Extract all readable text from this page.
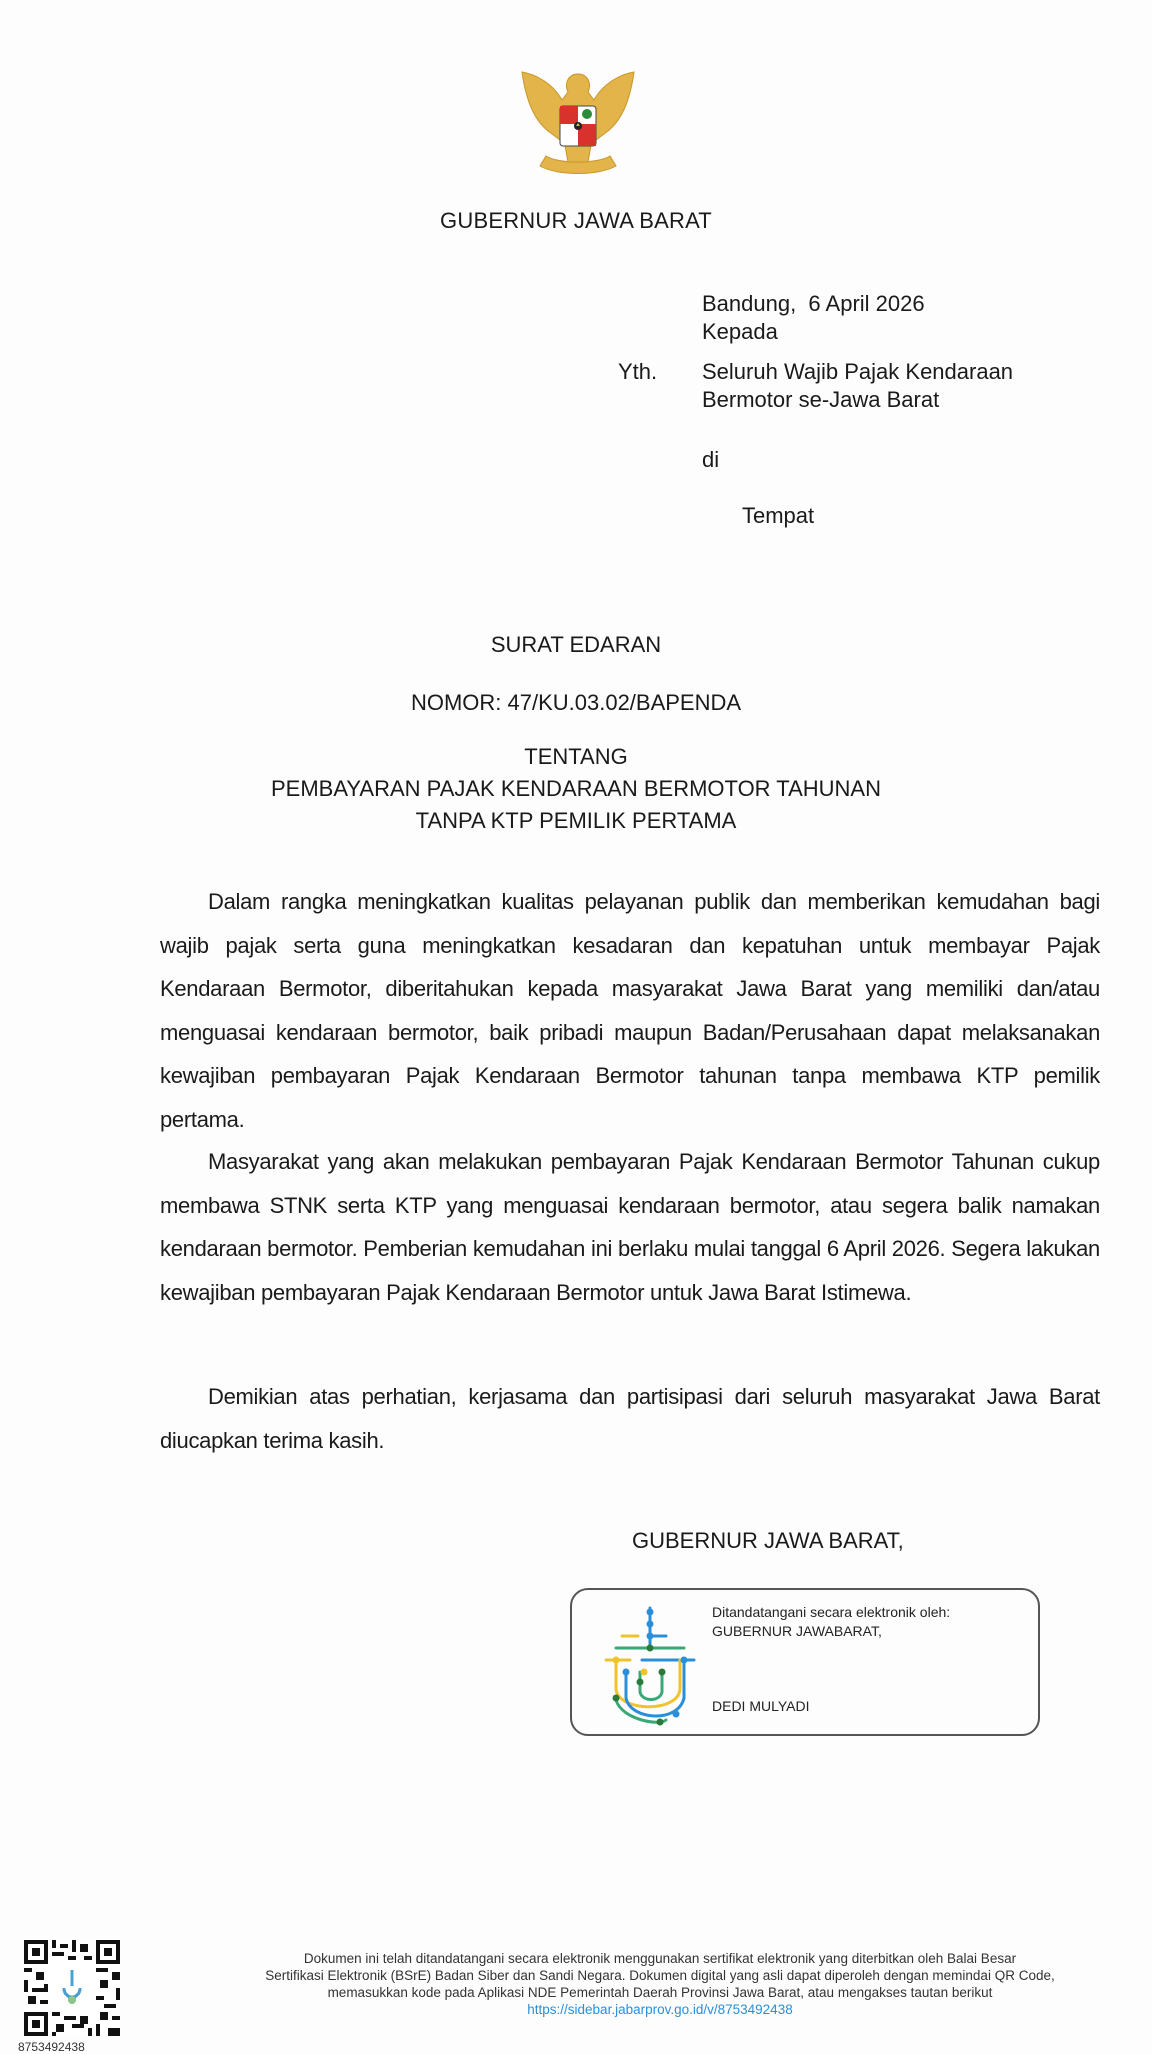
GUBERNUR JAWA BARAT
Bandung,  6 April 2026
Kepada
Yth. Seluruh Wajib Pajak Kendaraan
Bermotor se-Jawa Barat
di
Tempat
SURAT EDARAN
NOMOR: 47/KU.03.02/BAPENDA
TENTANG
PEMBAYARAN PAJAK KENDARAAN BERMOTOR TAHUNAN
TANPA KTP PEMILIK PERTAMA
Dalam rangka meningkatkan kualitas pelayanan publik dan memberikan kemudahan bagi wajib pajak serta guna meningkatkan kesadaran dan kepatuhan untuk membayar Pajak Kendaraan Bermotor, diberitahukan kepada masyarakat Jawa Barat yang memiliki dan/atau menguasai kendaraan bermotor, baik pribadi maupun Badan/Perusahaan dapat melaksanakan kewajiban pembayaran Pajak Kendaraan Bermotor tahunan tanpa membawa KTP pemilik pertama.
Masyarakat yang akan melakukan pembayaran Pajak Kendaraan Bermotor Tahunan cukup membawa STNK serta KTP yang menguasai kendaraan bermotor, atau segera balik namakan kendaraan bermotor. Pemberian kemudahan ini berlaku mulai tanggal 6 April 2026. Segera lakukan kewajiban pembayaran Pajak Kendaraan Bermotor untuk Jawa Barat Istimewa.
Demikian atas perhatian, kerjasama dan partisipasi dari seluruh masyarakat Jawa Barat diucapkan terima kasih.
GUBERNUR JAWA BARAT,
Ditandatangani secara elektronik oleh:
GUBERNUR JAWABARAT,
DEDI MULYADI
8753492438
Dokumen ini telah ditandatangani secara elektronik menggunakan sertifikat elektronik yang diterbitkan oleh Balai Besar
Sertifikasi Elektronik (BSrE) Badan Siber dan Sandi Negara. Dokumen digital yang asli dapat diperoleh dengan memindai QR Code,
memasukkan kode pada Aplikasi NDE Pemerintah Daerah Provinsi Jawa Barat, atau mengakses tautan berikut
https://sidebar.jabarprov.go.id/v/8753492438
